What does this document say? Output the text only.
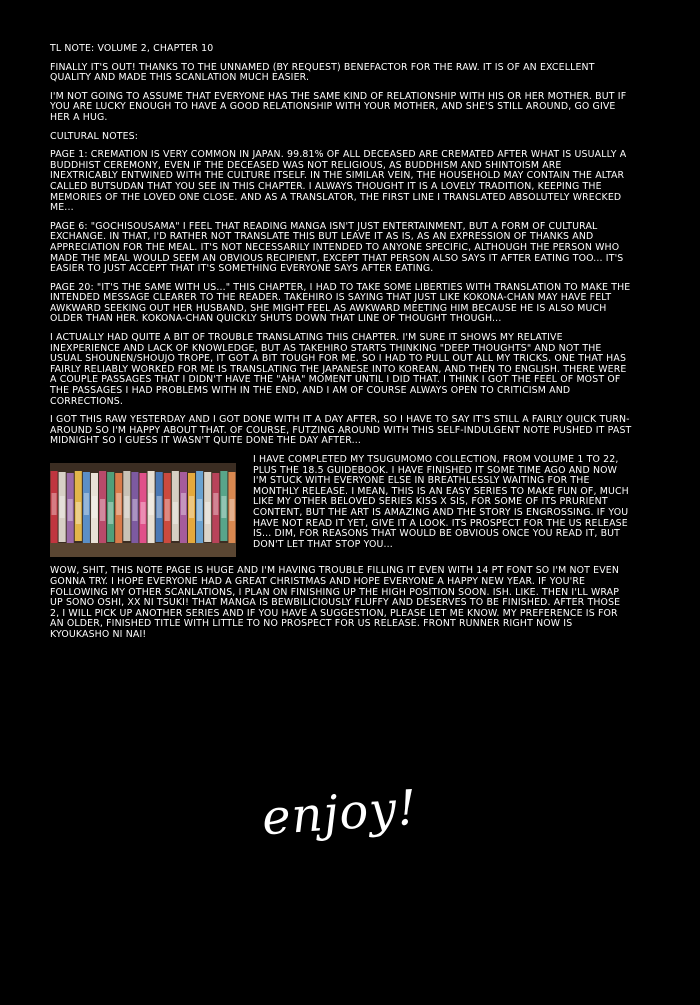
TL NOTE: VOLUME 2, CHAPTER 10

FINALLY IT'S OUT! THANKS TO THE UNNAMED (BY REQUEST) BENEFACTOR FOR THE RAW. IT IS OF AN EXCELLENT QUALITY AND MADE THIS SCANLATION MUCH EASIER.

I'M NOT GOING TO ASSUME THAT EVERYONE HAS THE SAME KIND OF RELATIONSHIP WITH HIS OR HER MOTHER. BUT IF YOU ARE LUCKY ENOUGH TO HAVE A GOOD RELATIONSHIP WITH YOUR MOTHER, AND SHE'S STILL AROUND, GO GIVE HER A HUG.

CULTURAL NOTES:

PAGE 1: CREMATION IS VERY COMMON IN JAPAN. 99.81% OF ALL DECEASED ARE CREMATED AFTER WHAT IS USUALLY A BUDDHIST CEREMONY, EVEN IF THE DECEASED WAS NOT RELIGIOUS, AS BUDDHISM AND SHINTOISM ARE INEXTRICABLY ENTWINED WITH THE CULTURE ITSELF. IN THE SIMILAR VEIN, THE HOUSEHOLD MAY CONTAIN THE ALTAR CALLED BUTSUDAN THAT YOU SEE IN THIS CHAPTER. I ALWAYS THOUGHT IT IS A LOVELY TRADITION, KEEPING THE MEMORIES OF THE LOVED ONE CLOSE. AND AS A TRANSLATOR, THE FIRST LINE I TRANSLATED ABSOLUTELY WRECKED ME...

PAGE 6: "GOCHISOUSAMA" I FEEL THAT READING MANGA ISN'T JUST ENTERTAINMENT, BUT A FORM OF CULTURAL EXCHANGE. IN THAT, I'D RATHER NOT TRANSLATE THIS BUT LEAVE IT AS IS, AS AN EXPRESSION OF THANKS AND APPRECIATION FOR THE MEAL. IT'S NOT NECESSARILY INTENDED TO ANYONE SPECIFIC, ALTHOUGH THE PERSON WHO MADE THE MEAL WOULD SEEM AN OBVIOUS RECIPIENT, EXCEPT THAT PERSON ALSO SAYS IT AFTER EATING TOO... IT'S EASIER TO JUST ACCEPT THAT IT'S SOMETHING EVERYONE SAYS AFTER EATING.

PAGE 20: "IT'S THE SAME WITH US..." THIS CHAPTER, I HAD TO TAKE SOME LIBERTIES WITH TRANSLATION TO MAKE THE INTENDED MESSAGE CLEARER TO THE READER. TAKEHIRO IS SAYING THAT JUST LIKE KOKONA-CHAN MAY HAVE FELT AWKWARD SEEKING OUT HER HUSBAND, SHE MIGHT FEEL AS AWKWARD MEETING HIM BECAUSE HE IS ALSO MUCH OLDER THAN HER. KOKONA-CHAN QUICKLY SHUTS DOWN THAT LINE OF THOUGHT THOUGH...

I ACTUALLY HAD QUITE A BIT OF TROUBLE TRANSLATING THIS CHAPTER. I'M SURE IT SHOWS MY RELATIVE INEXPERIENCE AND LACK OF KNOWLEDGE, BUT AS TAKEHIRO STARTS THINKING "DEEP THOUGHTS" AND NOT THE USUAL SHOUNEN/SHOUJO TROPE, IT GOT A BIT TOUGH FOR ME. SO I HAD TO PULL OUT ALL MY TRICKS. ONE THAT HAS FAIRLY RELIABLY WORKED FOR ME IS TRANSLATING THE JAPANESE INTO KOREAN, AND THEN TO ENGLISH. THERE WERE A COUPLE PASSAGES THAT I DIDN'T HAVE THE "AHA" MOMENT UNTIL I DID THAT. I THINK I GOT THE FEEL OF MOST OF THE PASSAGES I HAD PROBLEMS WITH IN THE END, AND I AM OF COURSE ALWAYS OPEN TO CRITICISM AND CORRECTIONS.

I GOT THIS RAW YESTERDAY AND I GOT DONE WITH IT A DAY AFTER, SO I HAVE TO SAY IT'S STILL A FAIRLY QUICK TURN-AROUND SO I'M HAPPY ABOUT THAT. OF COURSE, FUTZING AROUND WITH THIS SELF-INDULGENT NOTE PUSHED IT PAST MIDNIGHT SO I GUESS IT WASN'T QUITE DONE THE DAY AFTER...

I HAVE COMPLETED MY TSUGUMOMO COLLECTION, FROM VOLUME 1 TO 22, PLUS THE 18.5 GUIDEBOOK. I HAVE FINISHED IT SOME TIME AGO AND NOW I'M STUCK WITH EVERYONE ELSE IN BREATHLESSLY WAITING FOR THE MONTHLY RELEASE. I MEAN, THIS IS AN EASY SERIES TO MAKE FUN OF, MUCH LIKE MY OTHER BELOVED SERIES KISS X SIS, FOR SOME OF ITS PRURIENT CONTENT, BUT THE ART IS AMAZING AND THE STORY IS ENGROSSING. IF YOU HAVE NOT READ IT YET, GIVE IT A LOOK. ITS PROSPECT FOR THE US RELEASE IS... DIM, FOR REASONS THAT WOULD BE OBVIOUS ONCE YOU READ IT, BUT DON'T LET THAT STOP YOU...

WOW, SHIT, THIS NOTE PAGE IS HUGE AND I'M HAVING TROUBLE FILLING IT EVEN WITH 14 PT FONT SO I'M NOT EVEN GONNA TRY. I HOPE EVERYONE HAD A GREAT CHRISTMAS AND HOPE EVERYONE A HAPPY NEW YEAR. IF YOU'RE FOLLOWING MY OTHER SCANLATIONS, I PLAN ON FINISHING UP THE HIGH POSITION SOON. ISH. LIKE. THEN I'LL WRAP UP SONO OSHI, XX NI TSUKI! THAT MANGA IS BEWBILICIOUSLY FLUFFY AND DESERVES TO BE FINISHED. AFTER THOSE 2, I WILL PICK UP ANOTHER SERIES AND IF YOU HAVE A SUGGESTION, PLEASE LET ME KNOW. MY PREFERENCE IS FOR AN OLDER, FINISHED TITLE WITH LITTLE TO NO PROSPECT FOR US RELEASE. FRONT RUNNER RIGHT NOW IS KYOUKASHO NI NAI!

enjoy!
